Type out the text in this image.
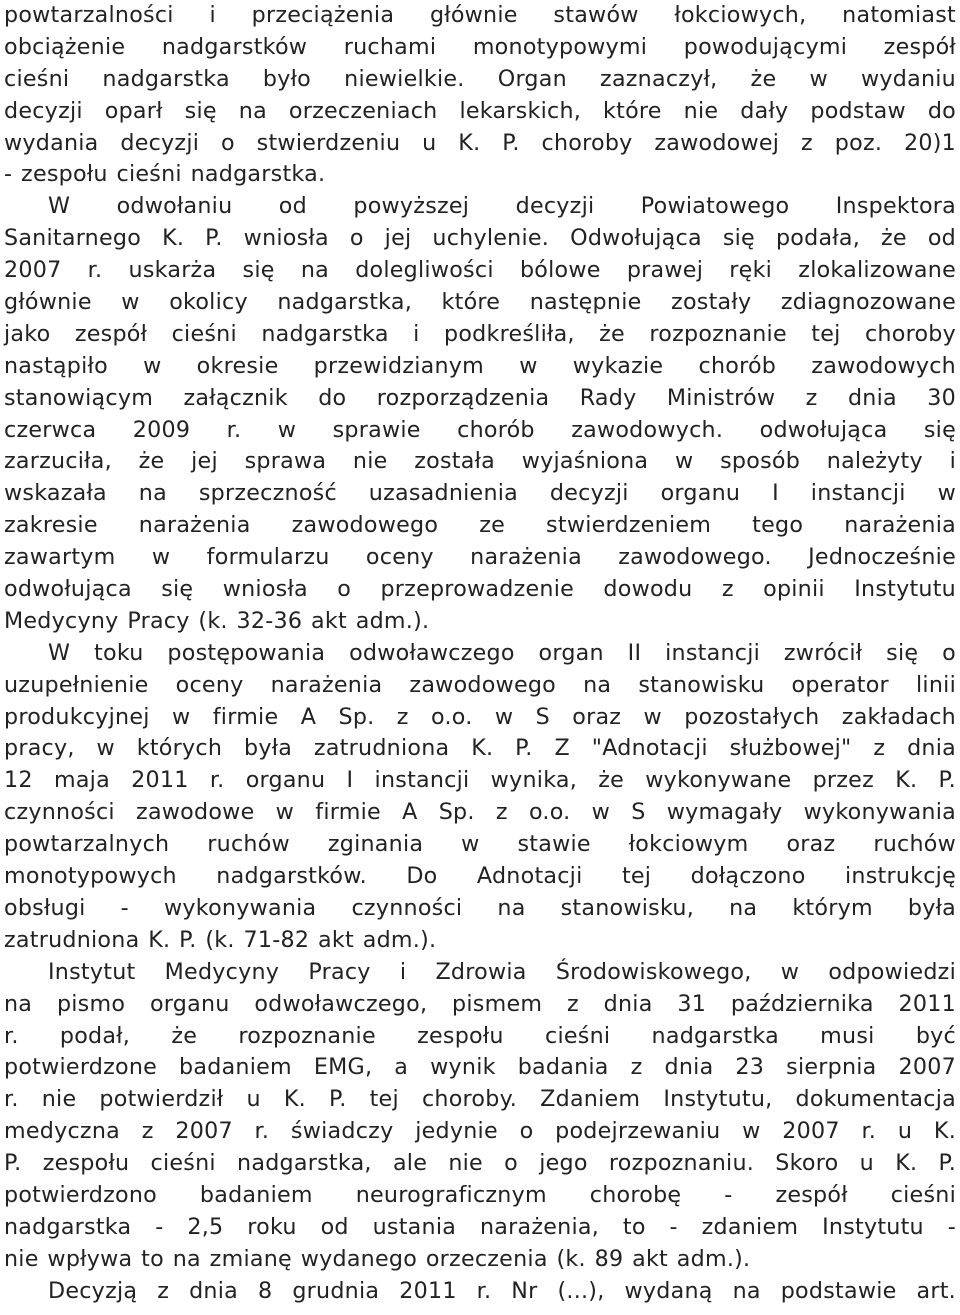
powtarzalności i przeciążenia głównie stawów łokciowych, natomiast
obciążenie nadgarstków ruchami monotypowymi powodującymi zespół
cieśni nadgarstka było niewielkie. Organ zaznaczył, że w wydaniu
decyzji oparł się na orzeczeniach lekarskich, które nie dały podstaw do
wydania decyzji o stwierdzeniu u K. P. choroby zawodowej z poz. 20)1
- zespołu cieśni nadgarstka.
W odwołaniu od powyższej decyzji Powiatowego Inspektora
Sanitarnego K. P. wniosła o jej uchylenie. Odwołująca się podała, że od
2007 r. uskarża się na dolegliwości bólowe prawej ręki zlokalizowane
głównie w okolicy nadgarstka, które następnie zostały zdiagnozowane
jako zespół cieśni nadgarstka i podkreśliła, że rozpoznanie tej choroby
nastąpiło w okresie przewidzianym w wykazie chorób zawodowych
stanowiącym załącznik do rozporządzenia Rady Ministrów z dnia 30
czerwca 2009 r. w sprawie chorób zawodowych. odwołująca się
zarzuciła, że jej sprawa nie została wyjaśniona w sposób należyty i
wskazała na sprzeczność uzasadnienia decyzji organu I instancji w
zakresie narażenia zawodowego ze stwierdzeniem tego narażenia
zawartym w formularzu oceny narażenia zawodowego. Jednocześnie
odwołująca się wniosła o przeprowadzenie dowodu z opinii Instytutu
Medycyny Pracy (k. 32-36 akt adm.).
W toku postępowania odwoławczego organ II instancji zwrócił się o
uzupełnienie oceny narażenia zawodowego na stanowisku operator linii
produkcyjnej w firmie A Sp. z o.o. w S oraz w pozostałych zakładach
pracy, w których była zatrudniona K. P. Z "Adnotacji służbowej" z dnia
12 maja 2011 r. organu I instancji wynika, że wykonywane przez K. P.
czynności zawodowe w firmie A Sp. z o.o. w S wymagały wykonywania
powtarzalnych ruchów zginania w stawie łokciowym oraz ruchów
monotypowych nadgarstków. Do Adnotacji tej dołączono instrukcję
obsługi - wykonywania czynności na stanowisku, na którym była
zatrudniona K. P. (k. 71-82 akt adm.).
Instytut Medycyny Pracy i Zdrowia Środowiskowego, w odpowiedzi
na pismo organu odwoławczego, pismem z dnia 31 października 2011
r. podał, że rozpoznanie zespołu cieśni nadgarstka musi być
potwierdzone badaniem EMG, a wynik badania z dnia 23 sierpnia 2007
r. nie potwierdził u K. P. tej choroby. Zdaniem Instytutu, dokumentacja
medyczna z 2007 r. świadczy jedynie o podejrzewaniu w 2007 r. u K.
P. zespołu cieśni nadgarstka, ale nie o jego rozpoznaniu. Skoro u K. P.
potwierdzono badaniem neurograficznym chorobę - zespół cieśni
nadgarstka - 2,5 roku od ustania narażenia, to - zdaniem Instytutu -
nie wpływa to na zmianę wydanego orzeczenia (k. 89 akt adm.).
Decyzją z dnia 8 grudnia 2011 r. Nr (...), wydaną na podstawie art.
